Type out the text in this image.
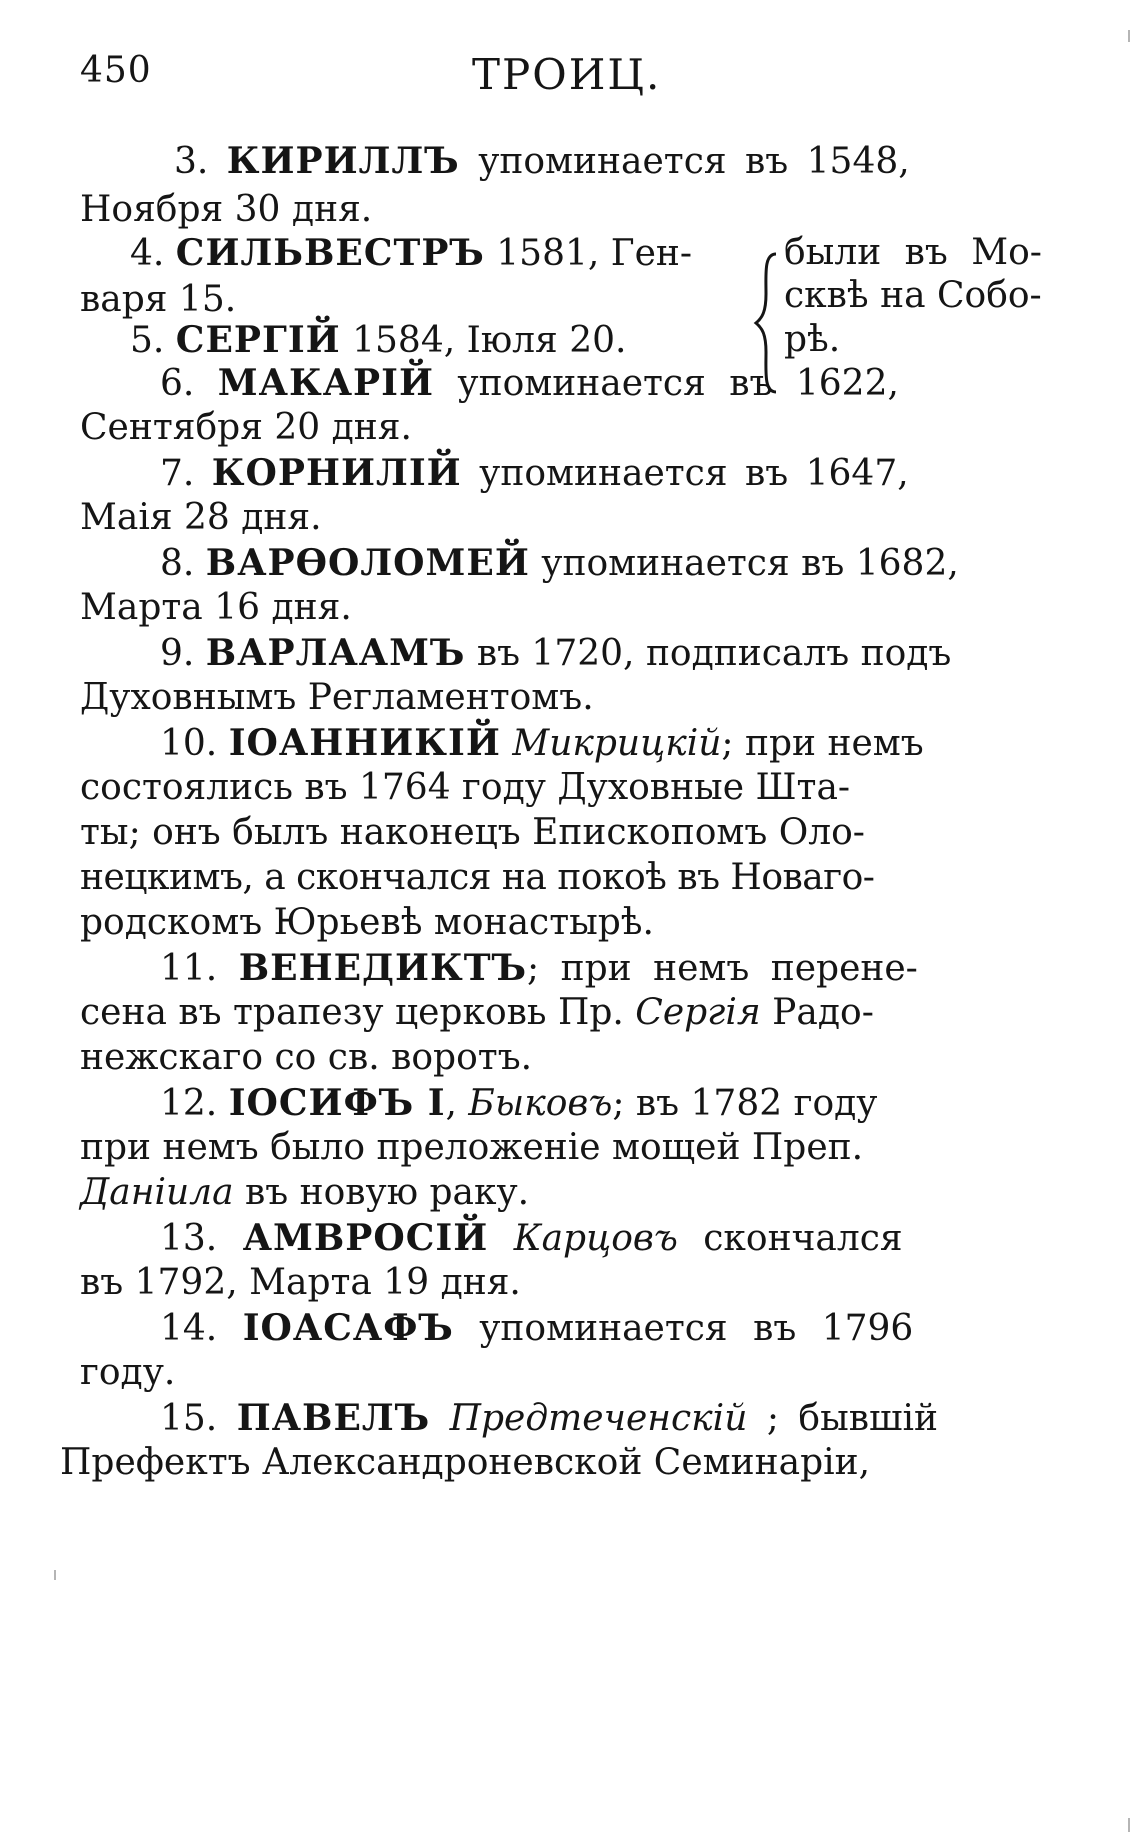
450	ТРОИЦ.
3. КИРИЛЛЪ упоминается въ 1548,
Ноября 30 дня.
4. СИЛЬВЕСТРЪ 1581, Ген-
варя 15.
5. СЕРГІЙ 1584, Іюля 20.
были въ Мо-
сквѣ на Собо-
рѣ.
6. МАКАРІЙ упоминается въ 1622,
Сентября 20 дня.
7. КОРНИЛІЙ упоминается въ 1647,
Маія 28 дня.
8. ВАРѲОЛОМЕЙ упоминается въ 1682,
Марта 16 дня.
9. ВАРЛААМЪ въ 1720, подписалъ подъ
Духовнымъ Регламентомъ.
10. ІОАННИКІЙ Микрицкій; при немъ
состоялись въ 1764 году Духовные Шта-
ты; онъ былъ наконецъ Епископомъ Оло-
нецкимъ, а скончался на покоѣ въ Новаго-
родскомъ Юрьевѣ монастырѣ.
11. ВЕНЕДИКТЪ; при немъ перене-
сена въ трапезу церковь Пр. Сергія Радо-
нежскаго со св. воротъ.
12. ІОСИФЪ І, Быковъ; въ 1782 году
при немъ было преложеніе мощей Преп.
Даніила въ новую раку.
13. АМВРОСІЙ Карцовъ скончался
въ 1792, Марта 19 дня.
14. ІОАСАФЪ упоминается въ 1796
году.
15. ПАВЕЛЪ Предтеченскій ; бывшій
Префектъ Александроневской Семинаріи,
